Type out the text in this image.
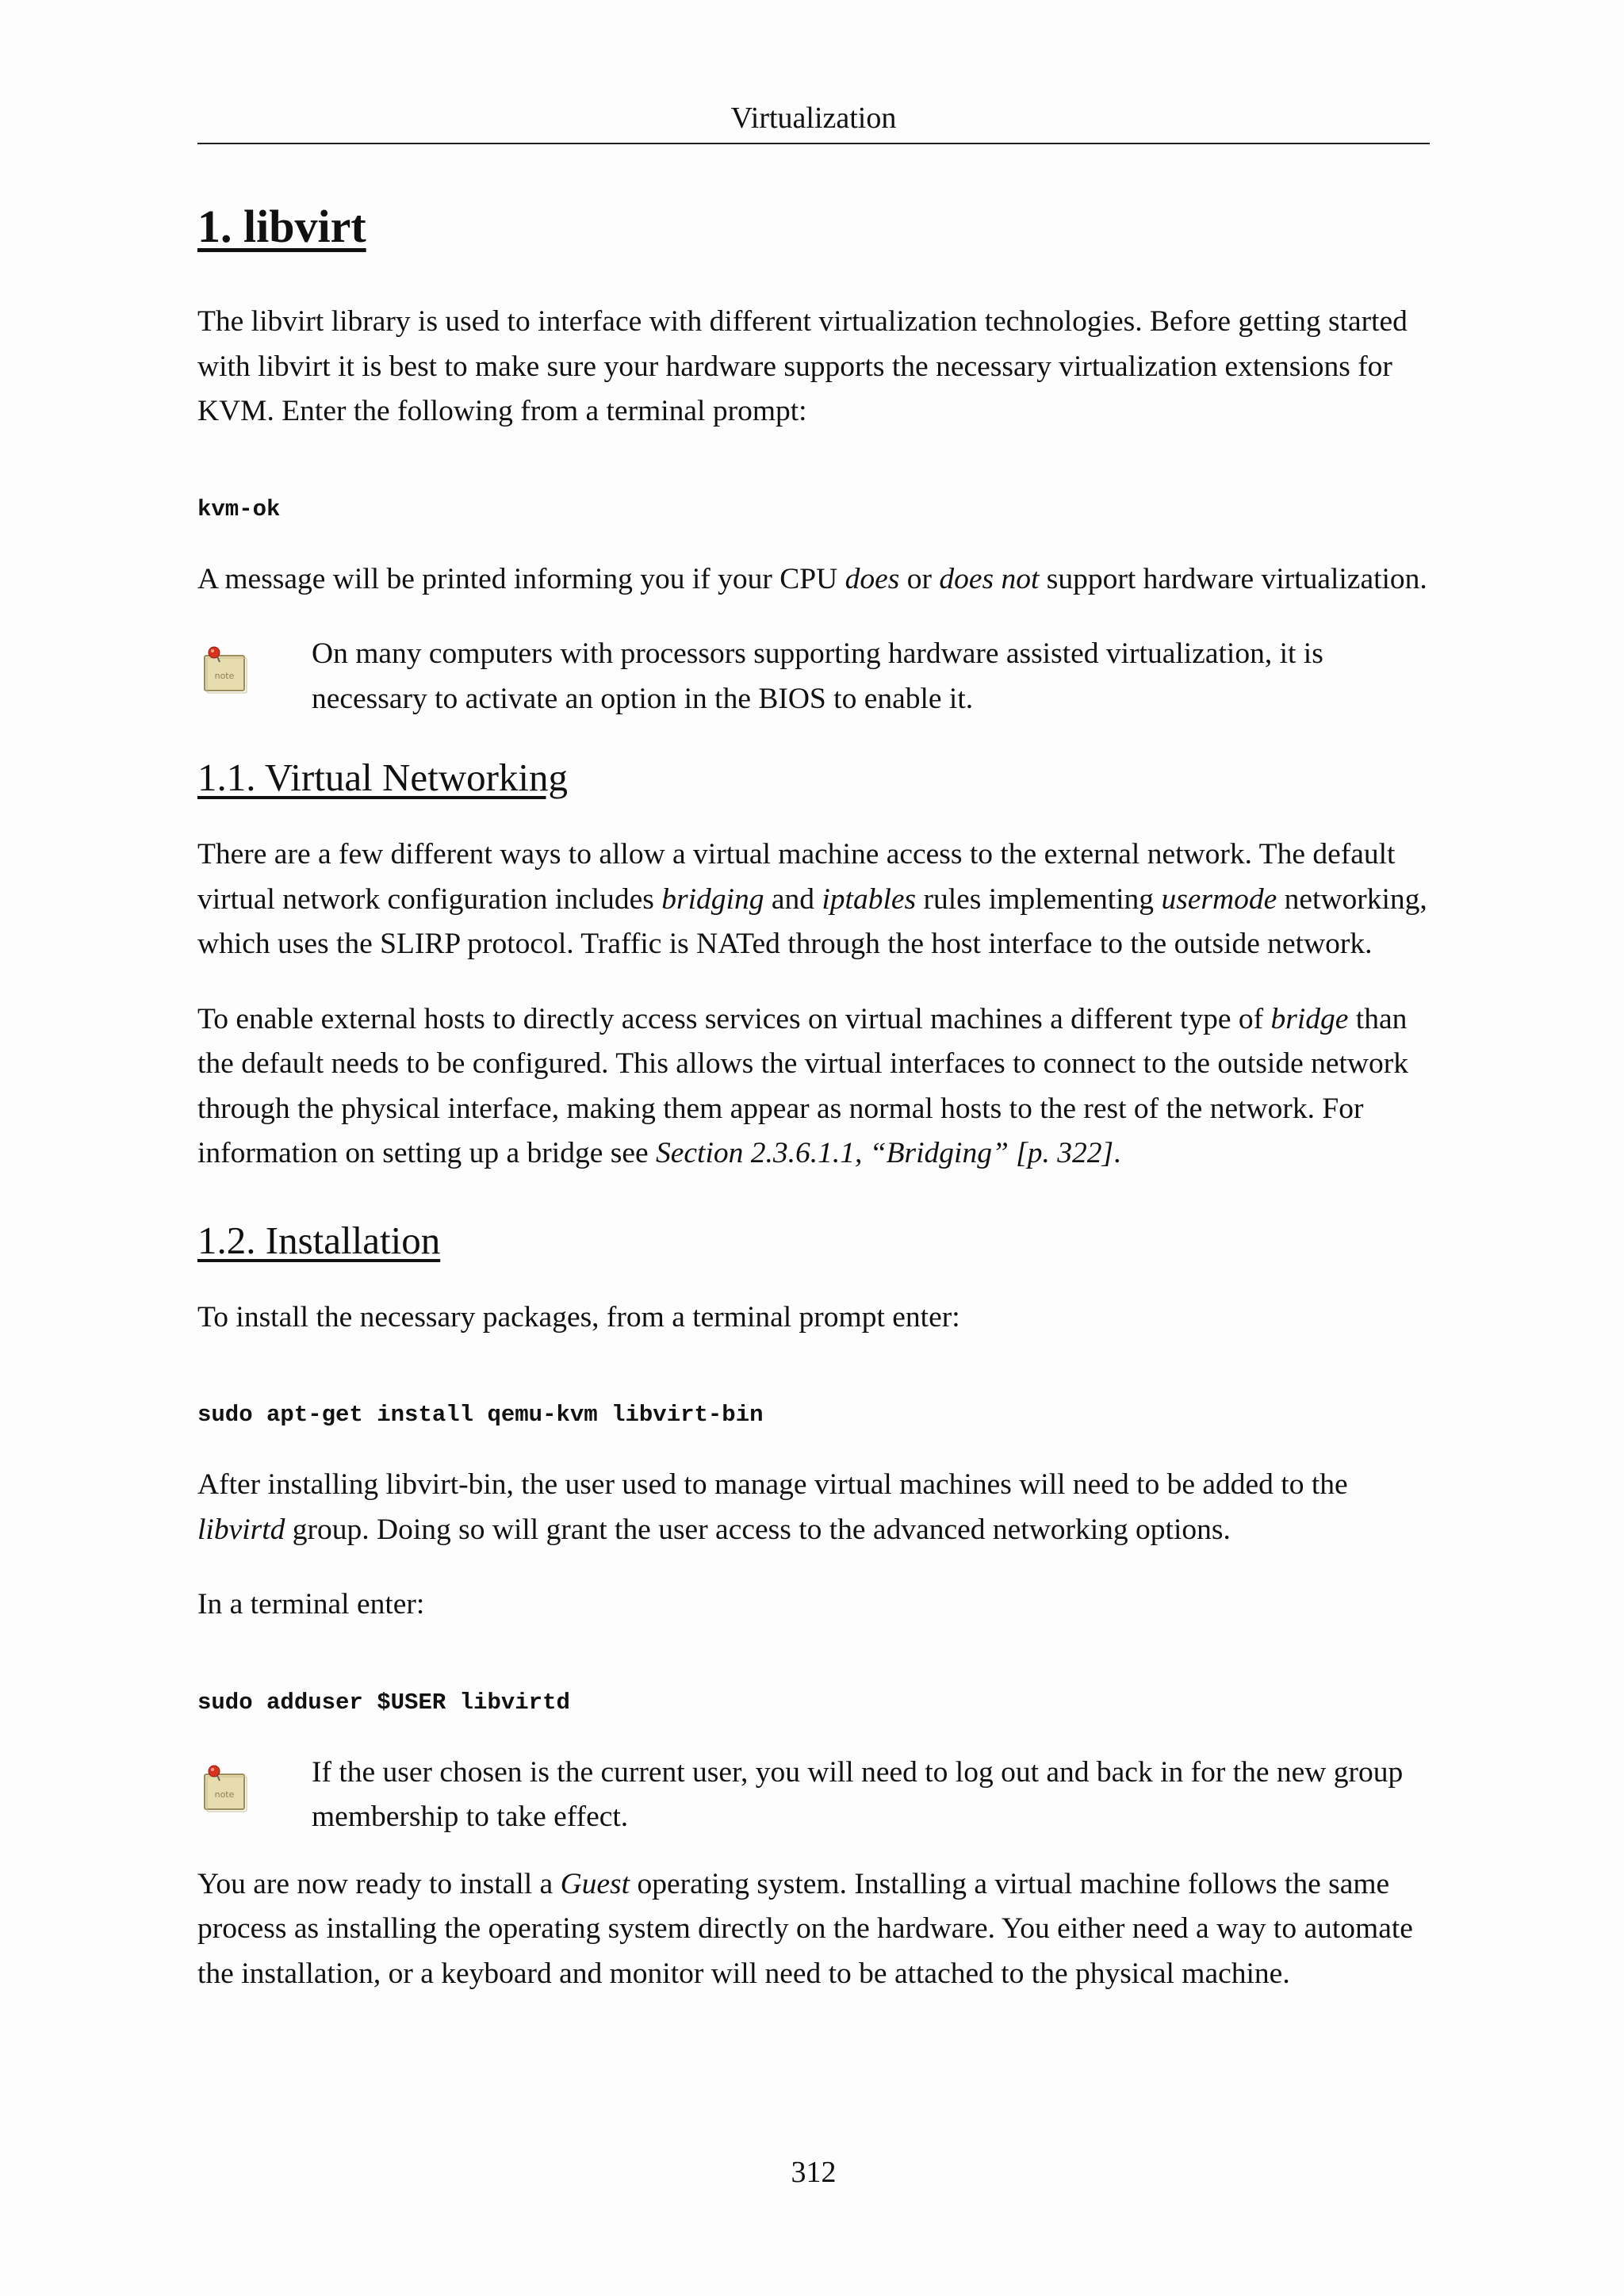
Virtualization
1. libvirt

The libvirt library is used to interface with different virtualization technologies. Before getting started with libvirt it is best to make sure your hardware supports the necessary virtualization extensions for KVM. Enter the following from a terminal prompt:

kvm-ok

A message will be printed informing you if your CPU does or does not support hardware virtualization.

note
On many computers with processors supporting hardware assisted virtualization, it is necessary to activate an option in the BIOS to enable it.
1.1. Virtual Networking

There are a few different ways to allow a virtual machine access to the external network. The default virtual network configuration includes bridging and iptables rules implementing usermode networking, which uses the SLIRP protocol. Traffic is NATed through the host interface to the outside network.

To enable external hosts to directly access services on virtual machines a different type of bridge than the default needs to be configured. This allows the virtual interfaces to connect to the outside network through the physical interface, making them appear as normal hosts to the rest of the network. For information on setting up a bridge see Section 2.3.6.1.1, “Bridging” [p. 322].

1.2. Installation

To install the necessary packages, from a terminal prompt enter:

sudo apt-get install qemu-kvm libvirt-bin

After installing libvirt-bin, the user used to manage virtual machines will need to be added to the libvirtd group. Doing so will grant the user access to the advanced networking options.

In a terminal enter:

sudo adduser $USER libvirtd
note
If the user chosen is the current user, you will need to log out and back in for the new group membership to take effect.

You are now ready to install a Guest operating system. Installing a virtual machine follows the same process as installing the operating system directly on the hardware. You either need a way to automate the installation, or a keyboard and monitor will need to be attached to the physical machine.

312
